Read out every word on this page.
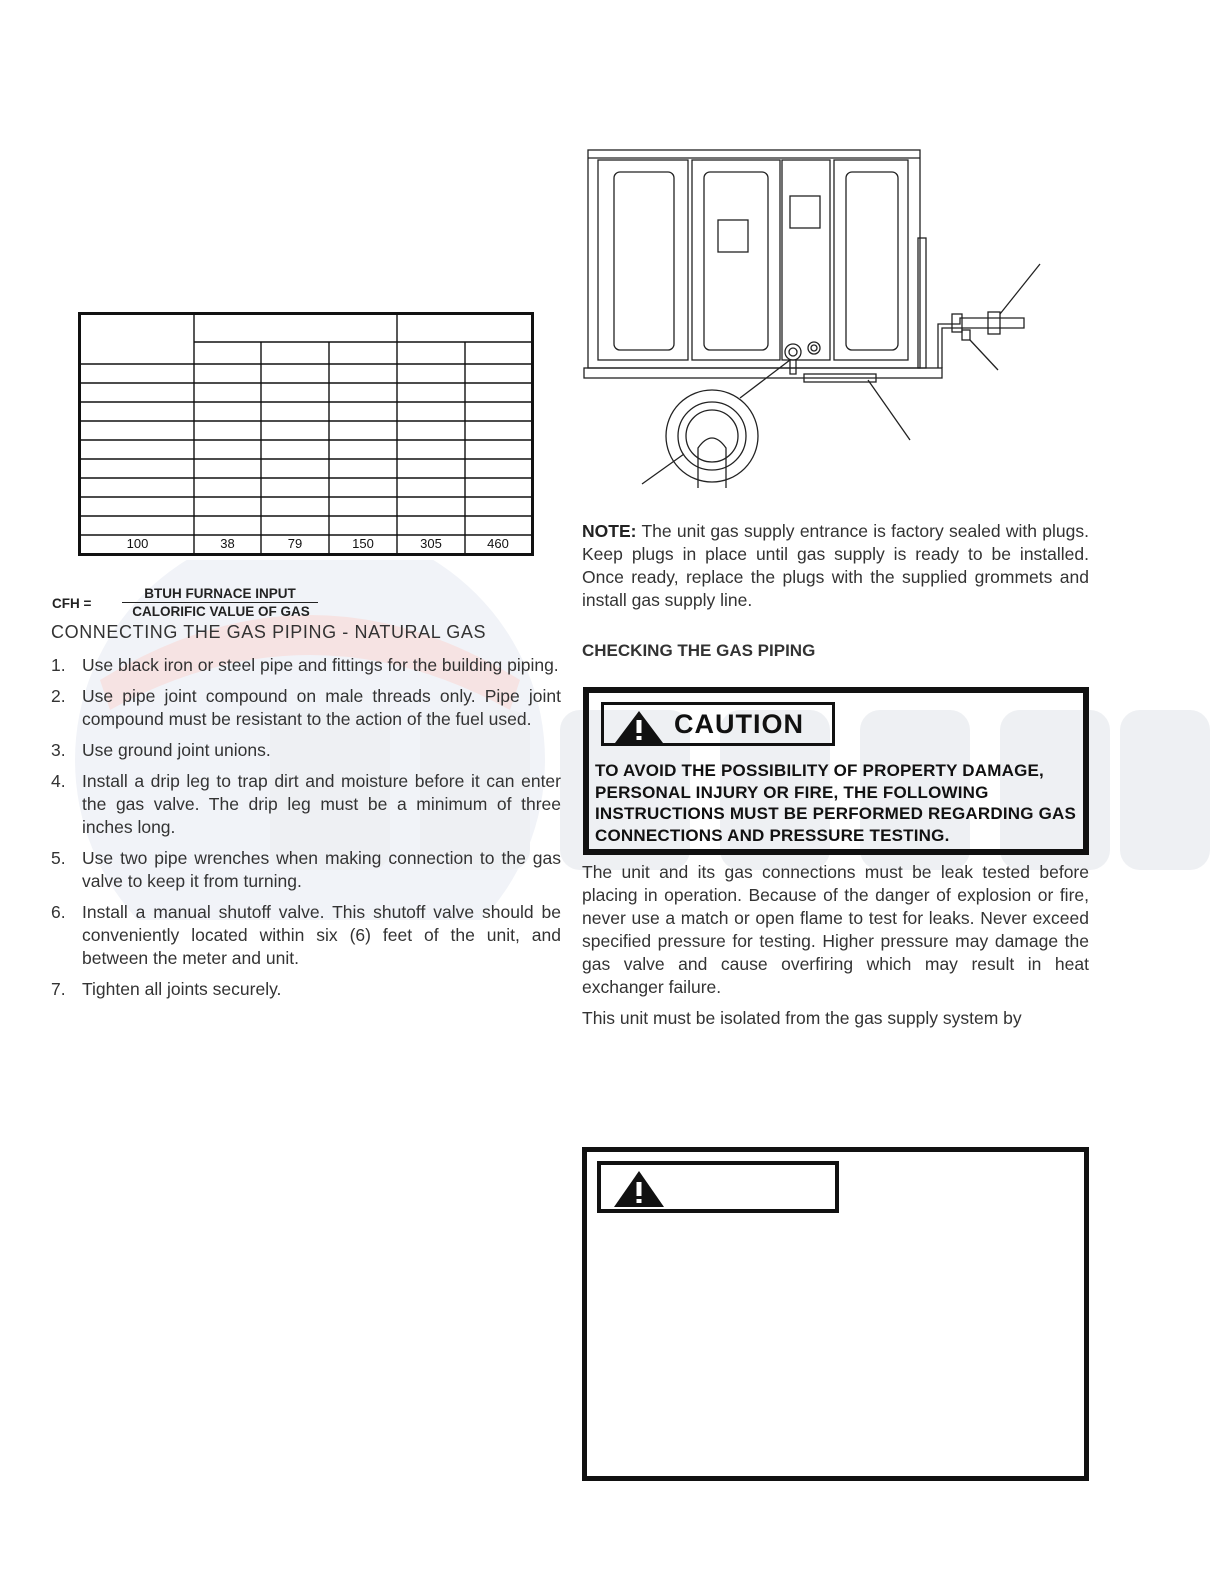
100	38	79	150	305	460
CFH =
BTUH FURNACE INPUT
CALORIFIC VALUE OF GAS
CONNECTING THE GAS PIPING - NATURAL GAS
1. Use black iron or steel pipe and fittings for the building piping.
2. Use pipe joint compound on male threads only. Pipe joint compound must be resistant to the action of the fuel used.
3. Use ground joint unions.
4. Install a drip leg to trap dirt and moisture before it can enter the gas valve. The drip leg must be a minimum of three inches long.
5. Use two pipe wrenches when making connection to the gas valve to keep it from turning.
6. Install a manual shutoff valve. This shutoff valve should be conveniently located within six (6) feet of the unit, and between the meter and unit.
7. Tighten all joints securely.
NOTE: The unit gas supply entrance is factory sealed with plugs. Keep plugs in place until gas supply is ready to be installed. Once ready, replace the plugs with the supplied grommets and install gas supply line.
CHECKING THE GAS PIPING
CAUTION
TO AVOID THE POSSIBILITY OF PROPERTY DAMAGE, PERSONAL INJURY OR FIRE, THE FOLLOWING INSTRUCTIONS MUST BE PERFORMED REGARDING GAS CONNECTIONS AND PRESSURE TESTING.
The unit and its gas connections must be leak tested before placing in operation. Because of the danger of explosion or fire, never use a match or open flame to test for leaks. Never exceed specified pressure for testing. Higher pressure may damage the gas valve and cause overfiring which may result in heat exchanger failure.
This unit must be isolated from the gas supply system by
